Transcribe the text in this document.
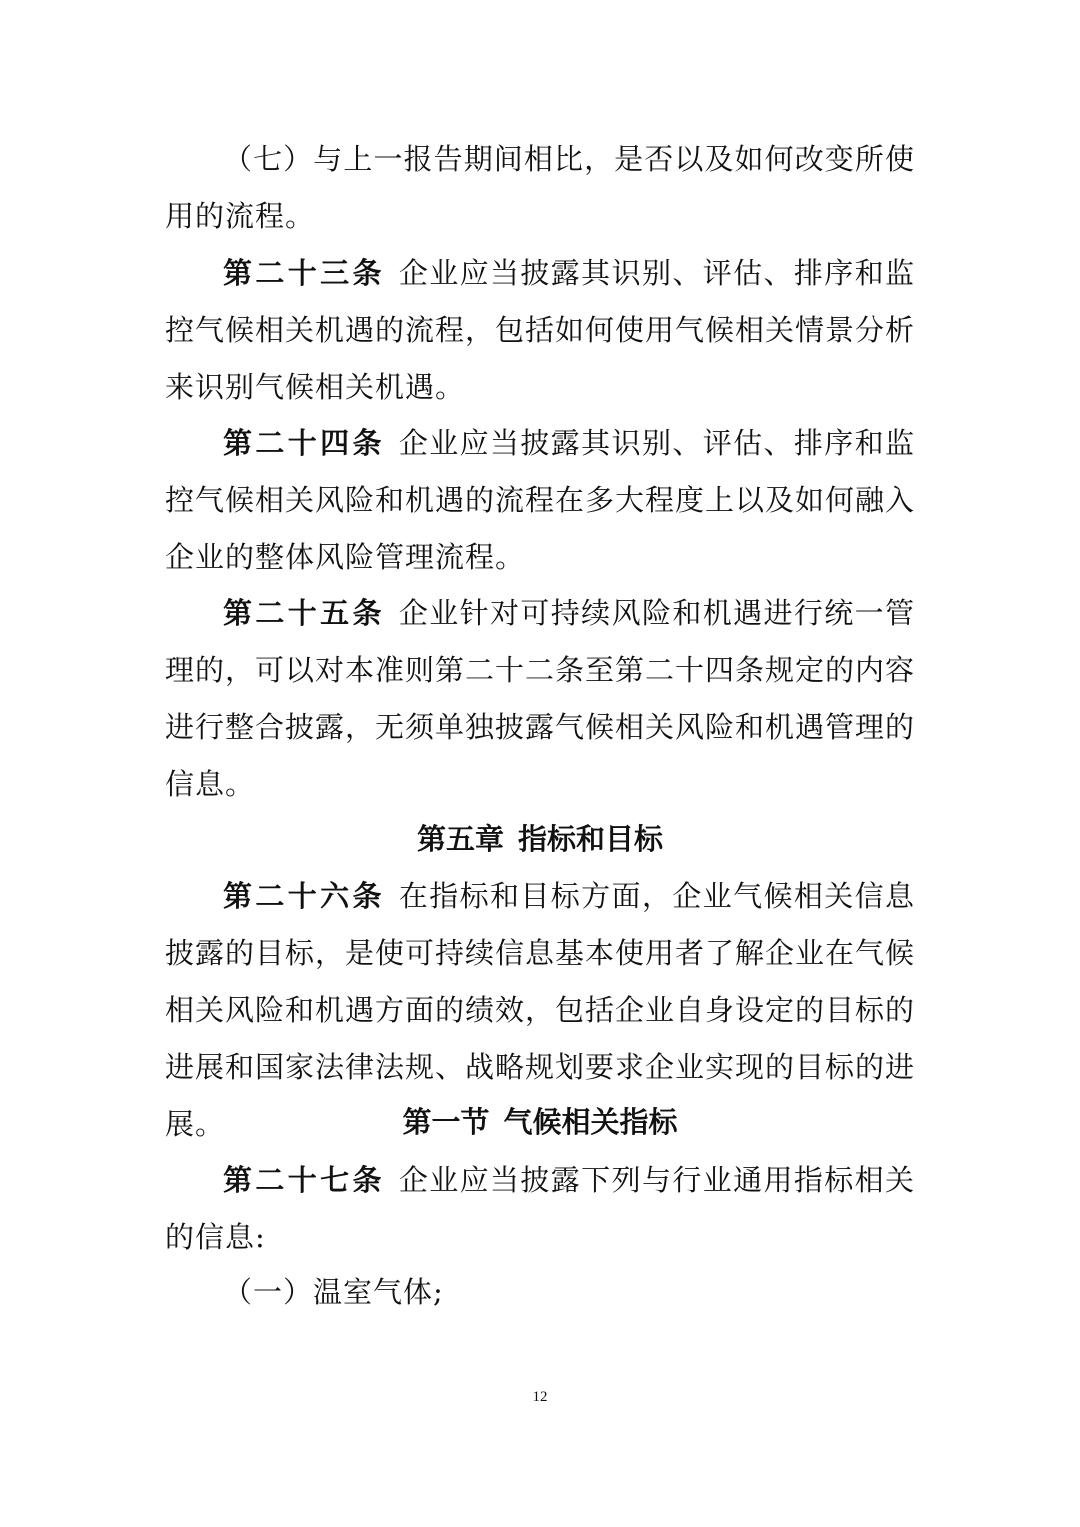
（七）与上一报告期间相比，是否以及如何改变所使用的流程。

第二十三条 企业应当披露其识别、评估、排序和监控气候相关机遇的流程，包括如何使用气候相关情景分析来识别气候相关机遇。

第二十四条 企业应当披露其识别、评估、排序和监控气候相关风险和机遇的流程在多大程度上以及如何融入企业的整体风险管理流程。

第二十五条 企业针对可持续风险和机遇进行统一管理的，可以对本准则第二十二条至第二十四条规定的内容进行整合披露，无须单独披露气候相关风险和机遇管理的信息。

第五章 指标和目标

第二十六条 在指标和目标方面，企业气候相关信息披露的目标，是使可持续信息基本使用者了解企业在气候相关风险和机遇方面的绩效，包括企业自身设定的目标的进展和国家法律法规、战略规划要求企业实现的目标的进展。	第一节 气候相关指标

第二十七条 企业应当披露下列与行业通用指标相关的信息:

（一）温室气体;

12
